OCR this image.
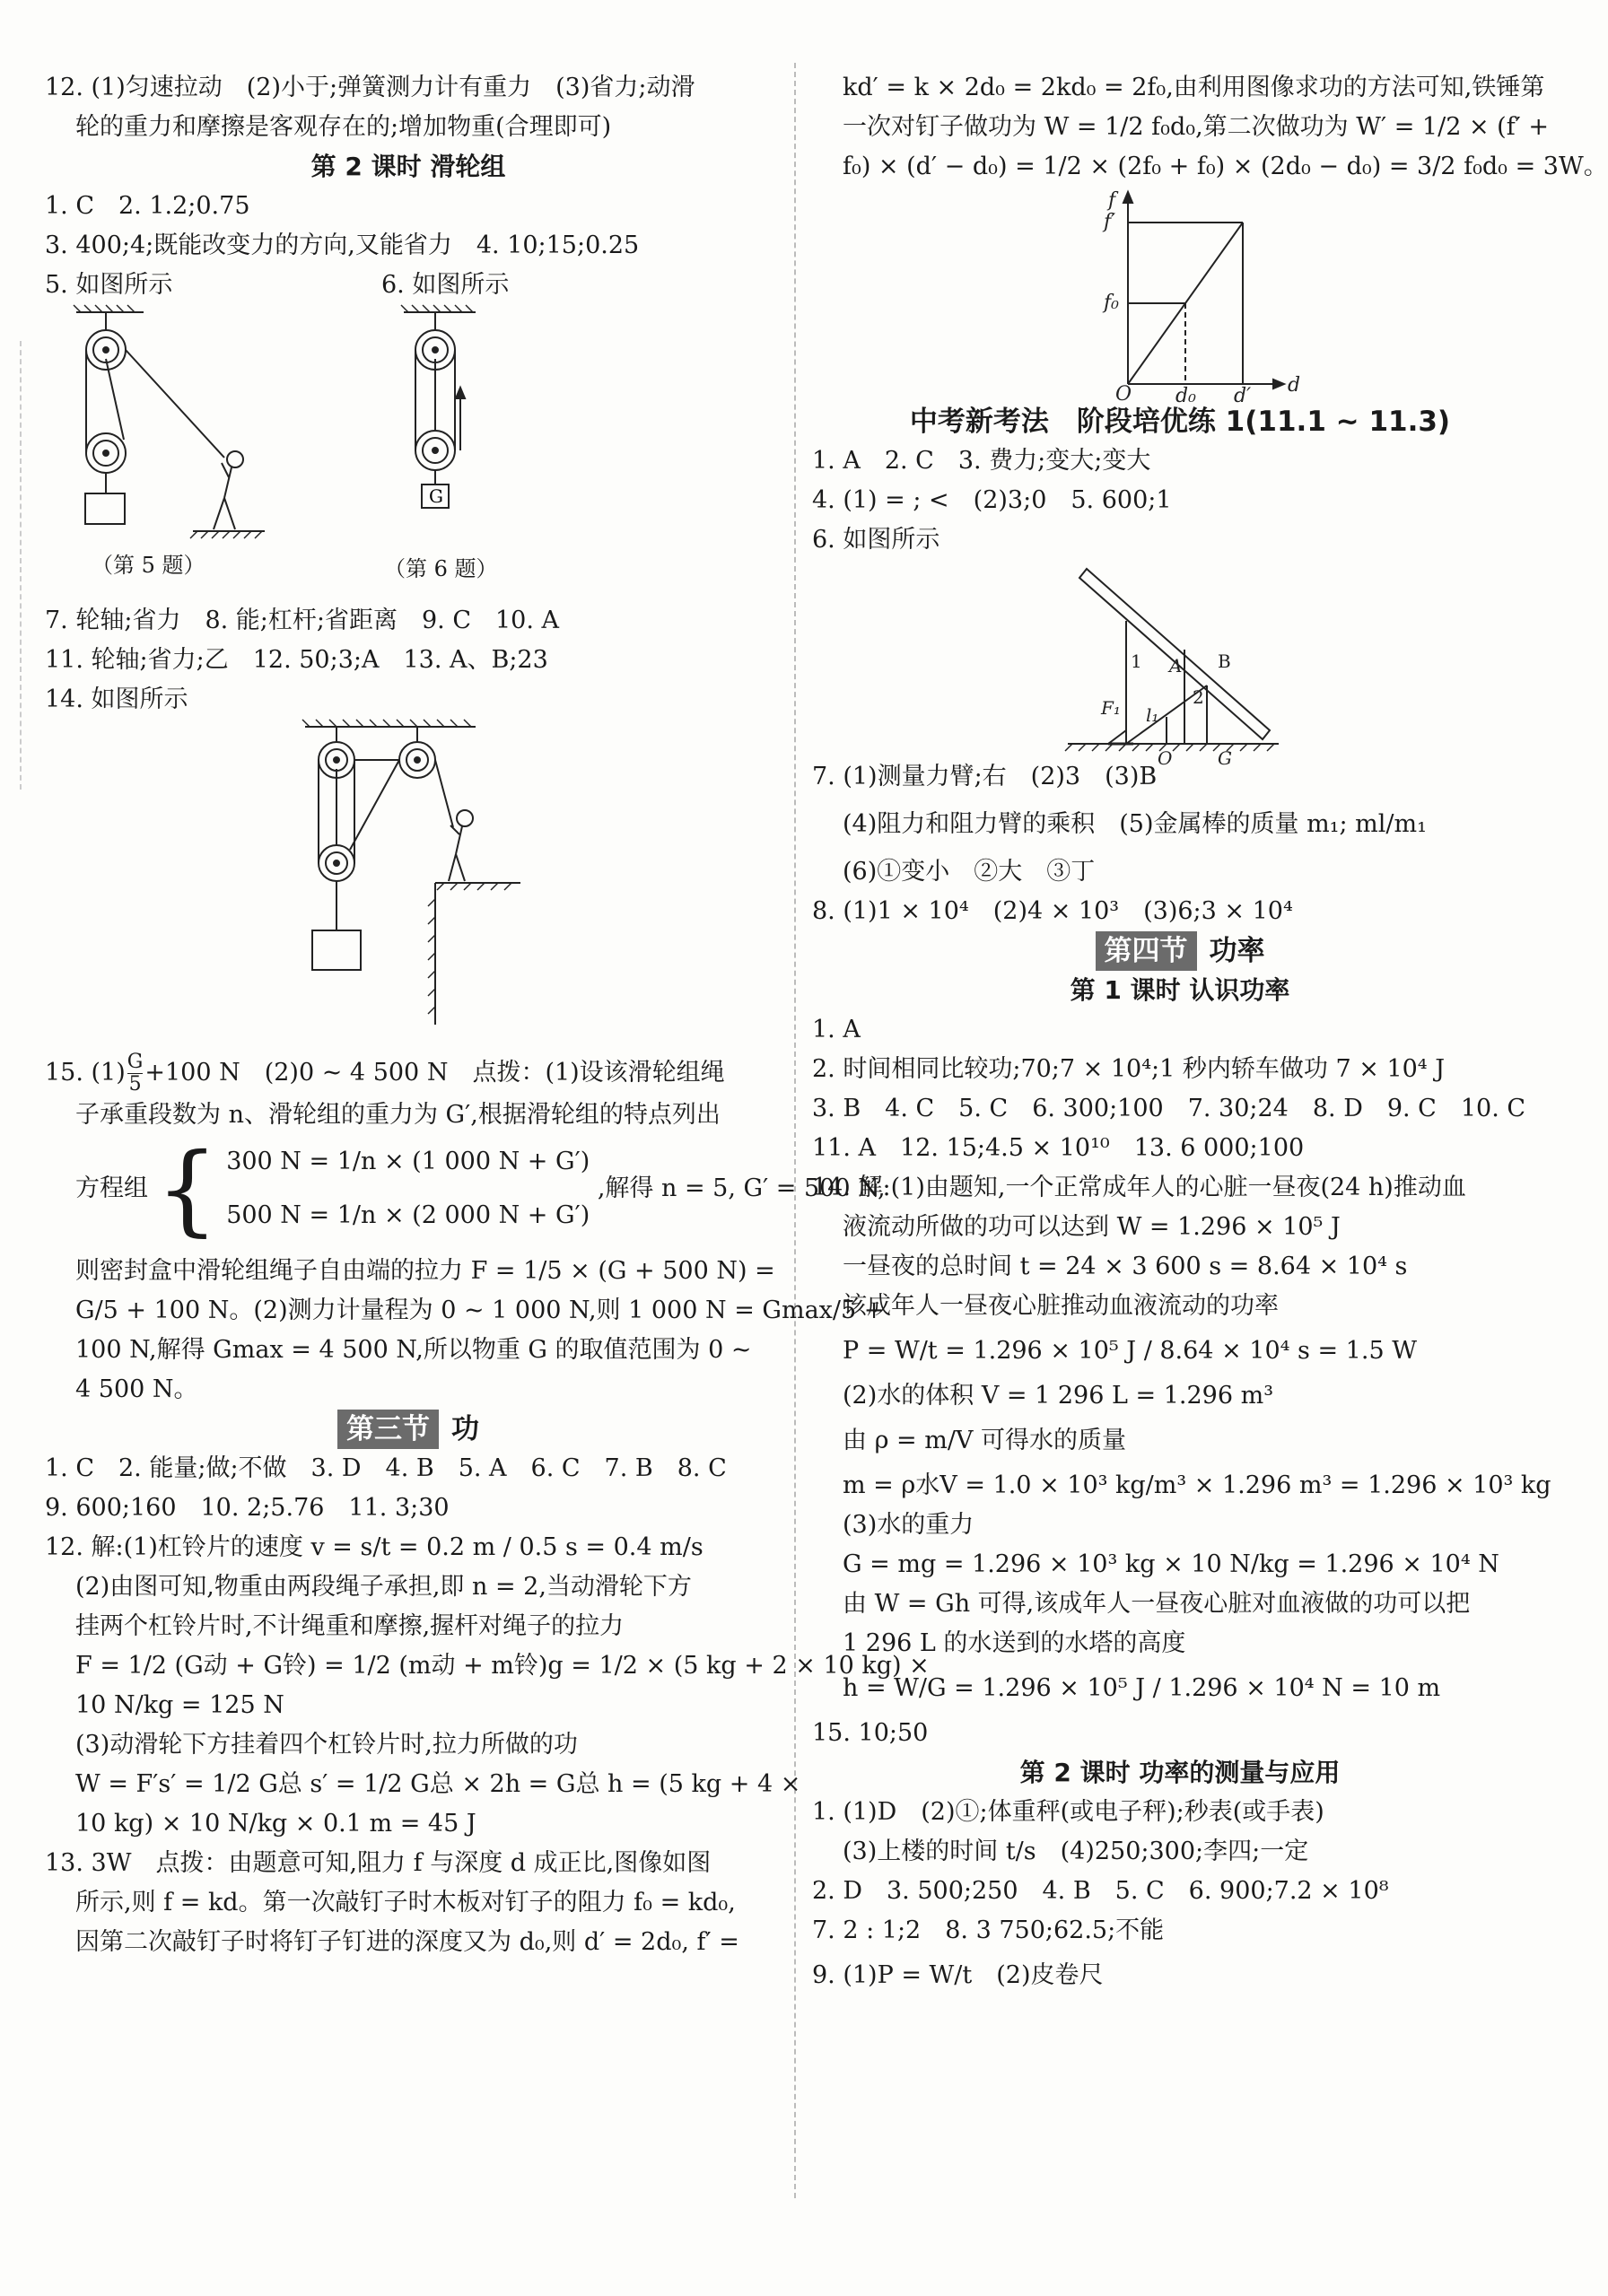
12. (1)匀速拉动　(2)小于;弹簧测力计有重力　(3)省力;动滑
轮的重力和摩擦是客观存在的;增加物重(合理即可)
第 2 课时 滑轮组
1. C　2. 1.2;0.75
3. 400;4;既能改变力的方向,又能省力　4. 10;15;0.25
5. 如图所示	6. 如图所示
G
（第 5 题）	（第 6 题）
7. 轮轴;省力　8. 能;杠杆;省距离　9. C　10. A
11. 轮轴;省力;乙　12. 50;3;A　13. A、B;23
14. 如图所示
15. $(1) \frac{G}{5} +100$ N　(2)0 ~ 4 500 N　点拨：(1)设该滑轮组绳
子承重段数为 n、滑轮组的重力为 G′,根据滑轮组的特点列出
方程组 { 300 N = 1/n × (1 000 N + G′)
500 N = 1/n × (2 000 N + G′)
,解得 n = 5, G′ = 500 N,
则密封盒中滑轮组绳子自由端的拉力 F = 1/5 × (G + 500 N) =
G/5 + 100 N。(2)测力计量程为 0 ~ 1 000 N,则 1 000 N = Gmax/5 +
100 N,解得 Gmax = 4 500 N,所以物重 G 的取值范围为 0 ~
4 500 N。
第三节 功
1. C　2. 能量;做;不做　3. D　4. B　5. A　6. C　7. B　8. C
9. 600;160　10. 2;5.76　11. 3;30
12. 解:(1)杠铃片的速度 v = s/t = 0.2 m / 0.5 s = 0.4 m/s
(2)由图可知,物重由两段绳子承担,即 n = 2,当动滑轮下方
挂两个杠铃片时,不计绳重和摩擦,握杆对绳子的拉力
F = 1/2 (G动 + G铃) = 1/2 (m动 + m铃)g = 1/2 × (5 kg + 2 × 10 kg) ×
10 N/kg = 125 N
(3)动滑轮下方挂着四个杠铃片时,拉力所做的功
W = F′s′ = 1/2 G总 s′ = 1/2 G总 × 2h = G总 h = (5 kg + 4 ×
10 kg) × 10 N/kg × 0.1 m = 45 J
13. 3W　点拨：由题意可知,阻力 f 与深度 d 成正比,图像如图
所示,则 f = kd。第一次敲钉子时木板对钉子的阻力 f₀ = kd₀,
因第二次敲钉子时将钉子钉进的深度又为 d₀,则 d′ = 2d₀, f′ =
kd′ = k × 2d₀ = 2kd₀ = 2f₀,由利用图像求功的方法可知,铁锤第
一次对钉子做功为 W = 1/2 f₀d₀,第二次做功为 W′ = 1/2 × (f′ +
f₀) × (d′ − d₀) = 1/2 × (2f₀ + f₀) × (2d₀ − d₀) = 3/2 f₀d₀ = 3W。
f
d
O
f′
f₀
d₀ d′
中考新考法　阶段培优练 1(11.1 ~ 11.3)
1. A　2. C　3. 费力;变大;变大
4. (1) = ; <　(2)3;0　5. 600;1
6. 如图所示
B
A
F₁ l₁
O	G
1
2
7. (1)测量力臂;右　(2)3　(3)B
(4)阻力和阻力臂的乘积　(5)金属棒的质量 m₁; ml/m₁
(6)①变小　②大　③丁
8. (1)1 × 10⁴　(2)4 × 10³　(3)6;3 × 10⁴
第四节 功率
第 1 课时 认识功率
1. A
2. 时间相同比较功;70;7 × 10⁴;1 秒内轿车做功 7 × 10⁴ J
3. B　4. C　5. C　6. 300;100　7. 30;24　8. D　9. C　10. C
11. A　12. 15;4.5 × 10¹⁰　13. 6 000;100
14. 解:(1)由题知,一个正常成年人的心脏一昼夜(24 h)推动血
液流动所做的功可以达到 W = 1.296 × 10⁵ J
一昼夜的总时间 t = 24 × 3 600 s = 8.64 × 10⁴ s
该成年人一昼夜心脏推动血液流动的功率
P = W/t = 1.296 × 10⁵ J / 8.64 × 10⁴ s = 1.5 W
(2)水的体积 V = 1 296 L = 1.296 m³
由 ρ = m/V 可得水的质量
m = ρ水V = 1.0 × 10³ kg/m³ × 1.296 m³ = 1.296 × 10³ kg
(3)水的重力
G = mg = 1.296 × 10³ kg × 10 N/kg = 1.296 × 10⁴ N
由 W = Gh 可得,该成年人一昼夜心脏对血液做的功可以把
1 296 L 的水送到的水塔的高度
h = W/G = 1.296 × 10⁵ J / 1.296 × 10⁴ N = 10 m
15. 10;50
第 2 课时 功率的测量与应用
1. (1)D　(2)①;体重秤(或电子秤);秒表(或手表)
(3)上楼的时间 t/s　(4)250;300;李四;一定
2. D　3. 500;250　4. B　5. C　6. 900;7.2 × 10⁸
7. 2 : 1;2　8. 3 750;62.5;不能
9. (1)P = W/t　(2)皮卷尺
